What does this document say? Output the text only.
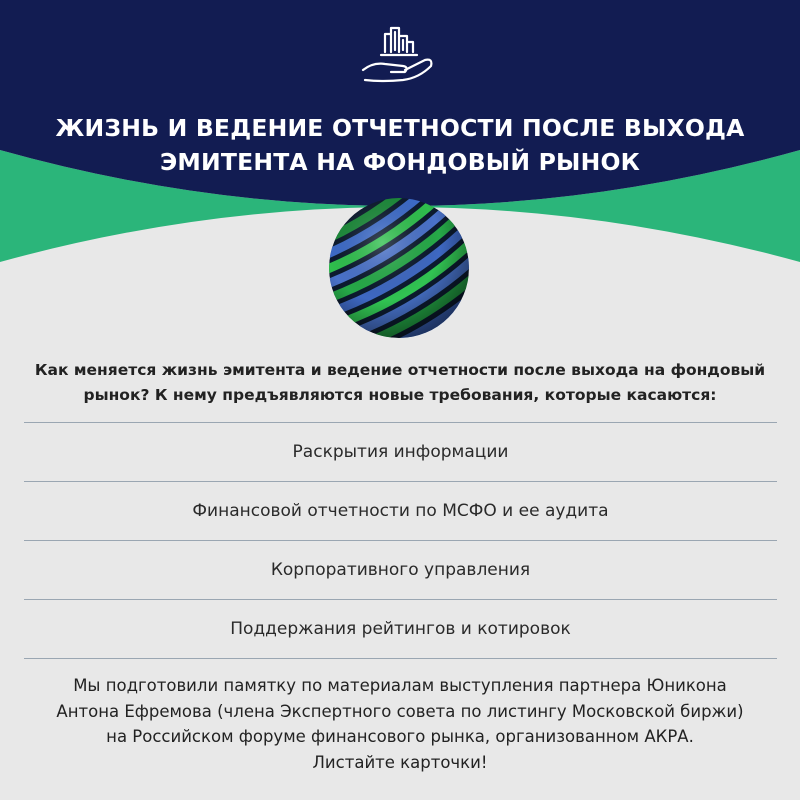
ЖИЗНЬ И ВЕДЕНИЕ ОТЧЕТНОСТИ ПОСЛЕ ВЫХОДА
ЭМИТЕНТА НА ФОНДОВЫЙ РЫНОК

Как меняется жизнь эмитента и ведение отчетности после выхода на фондовый
рынок? К нему предъявляются новые требования, которые касаются:

Раскрытия информации
Финансовой отчетности по МСФО и ее аудита
Корпоративного управления
Поддержания рейтингов и котировок

Мы подготовили памятку по материалам выступления партнера Юникона
Антона Ефремова (члена Экспертного совета по листингу Московской биржи)
на Российском форуме финансового рынка, организованном АКРА.
Листайте карточки!
